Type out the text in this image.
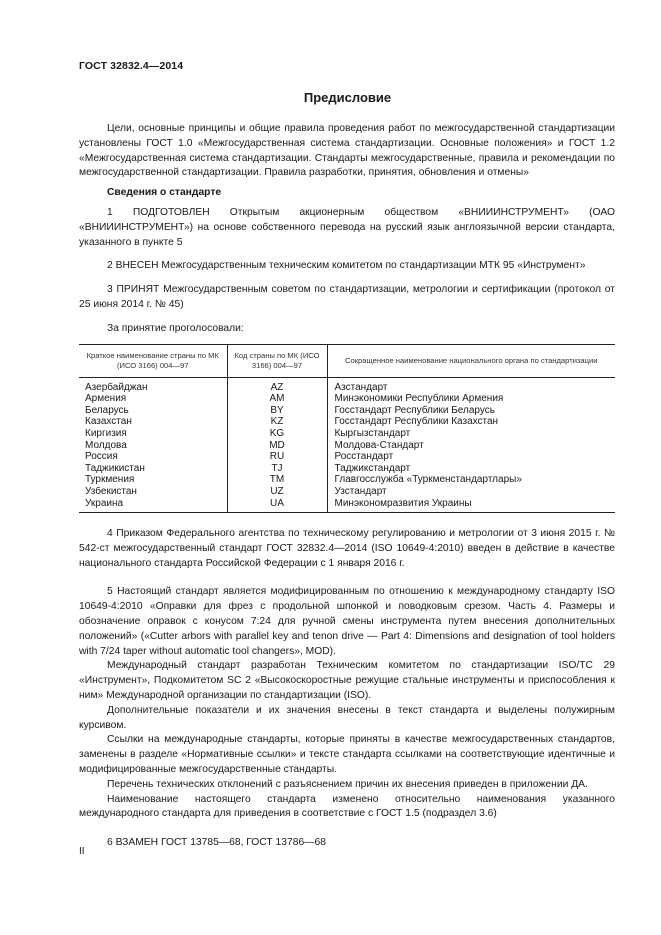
ГОСТ 32832.4—2014
Предисловие

Цели, основные принципы и общие правила проведения работ по межгосударственной стандартизации установлены ГОСТ 1.0 «Межгосударственная система стандартизации. Основные положения» и ГОСТ 1.2 «Межгосударственная система стандартизации. Стандарты межгосударственные, правила и рекомендации по межгосударственной стандартизации. Правила разработки, принятия, обновления и отмены»

Сведения о стандарте

1 ПОДГОТОВЛЕН Открытым акционерным обществом «ВНИИИНСТРУМЕНТ» (ОАО «ВНИИИНСТРУМЕНТ») на основе собственного перевода на русский язык англоязычной версии стандарта, указанного в пункте 5

2 ВНЕСЕН Межгосударственным техническим комитетом по стандартизации МТК 95 «Инструмент»

3 ПРИНЯТ Межгосударственным советом по стандартизации, метрологии и сертификации (протокол от 25 июня 2014 г. № 45)

За принятие проголосовали:

Краткое наименование страны по МК (ИСО 3166) 004—97	Код страны по МК (ИСО 3166) 004—97	Сокращенное наименование национального органа по стандартизации
Азербайджан	AZ	Азстандарт
Армения	AM	Минэкономики Республики Армения
Беларусь	BY	Госстандарт Республики Беларусь
Казахстан	KZ	Госстандарт Республики Казахстан
Киргизия	KG	Кыргызстандарт
Молдова	MD	Молдова-Стандарт
Россия	RU	Росстандарт
Таджикистан	TJ	Таджикстандарт
Туркмения	TM	Главгосслужба «Туркменстандартлары»
Узбекистан	UZ	Узстандарт
Украина	UA	Минэкономразвития Украины

4 Приказом Федерального агентства по техническому регулированию и метрологии от 3 июня 2015 г. № 542-ст межгосударственный стандарт ГОСТ 32832.4—2014 (ISO 10649-4:2010) введен в действие в качестве национального стандарта Российской Федерации с 1 января 2016 г.

5 Настоящий стандарт является модифицированным по отношению к международному стандарту ISO 10649-4:2010 «Оправки для фрез с продольной шпонкой и поводковым срезом. Часть 4. Размеры и обозначение оправок с конусом 7:24 для ручной смены инструмента путем внесения дополнительных положений» («Cutter arbors with parallel key and tenon drive — Part 4: Dimensions and designation of tool holders with 7/24 taper without automatic tool changers», MOD).

Международный стандарт разработан Техническим комитетом по стандартизации ISO/TC 29 «Инструмент», Подкомитетом SC 2 «Высокоскоростные режущие стальные инструменты и приспособления к ним» Международной организации по стандартизации (ISO).

Дополнительные показатели и их значения внесены в текст стандарта и выделены полужирным курсивом.

Ссылки на международные стандарты, которые приняты в качестве межгосударственных стандартов, заменены в разделе «Нормативные ссылки» и тексте стандарта ссылками на соответствующие идентичные и модифицированные межгосударственные стандарты.

Перечень технических отклонений с разъяснением причин их внесения приведен в приложении ДА.

Наименование настоящего стандарта изменено относительно наименования указанного международного стандарта для приведения в соответствие с ГОСТ 1.5 (подраздел 3.6)

6 ВЗАМЕН ГОСТ 13785—68, ГОСТ 13786—68

II
